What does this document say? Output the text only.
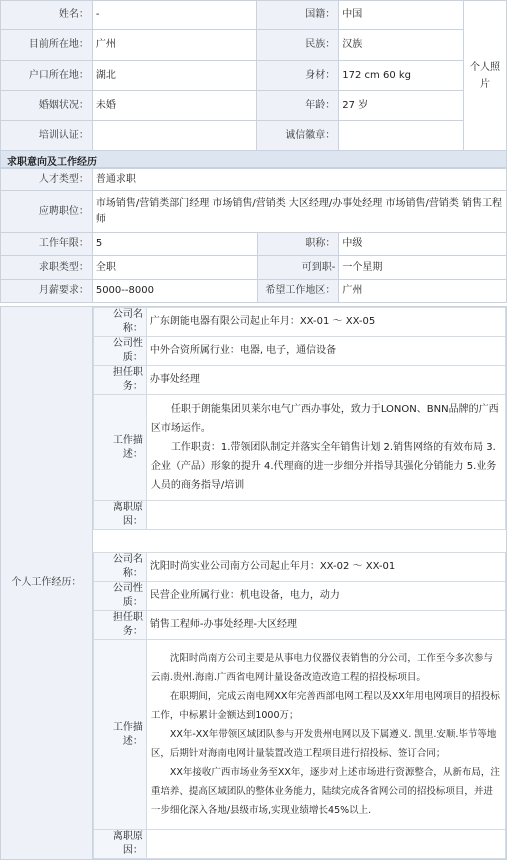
姓名：	-	国籍：	中国	个人照片
目前所在地：	广州	民族：	汉族	
户口所在地：	湖北	身材：	172 cm 60 kg	
婚姻状况：	未婚	年龄：	27 岁	
培训认证：		诚信徽章：		
求职意向及工作经历
人才类型：	普通求职		
应聘职位：	市场销售/营销类部门经理 市场销售/营销类 大区经理/办事处经理 市场销售/营销类 销售工程师		
工作年限：	5	职称：	中级
求职类型：	全职	可到职-	一个星期
月薪要求：	5000--8000	希望工作地区：	广州
个人工作经历：	
公司名称：	广东朗能电器有限公司起止年月：XX-01 ～ XX-05
公司性质：	中外合资所属行业：电器, 电子，通信设备
担任职务：	办事处经理
工作描述：	

任职于朗能集团贝莱尔电气广西办事处，致力于LONON、BNN品牌的广西区市场运作。

工作职责：1.带领团队制定并落实全年销售计划 2.销售网络的有效布局 3.企业（产品）形象的提升 4.代理商的进一步细分并指导其强化分销能力 5.业务人员的商务指导/培训

离职原因：	
公司名称：	沈阳时尚实业公司南方公司起止年月：XX-02 ～ XX-01
公司性质：	民营企业所属行业：机电设备，电力，动力
担任职务：	销售工程师-办事处经理-大区经理
工作描述：	

沈阳时尚南方公司主要是从事电力仪器仪表销售的分公司，工作至今多次参与云南.贵州.海南.广西省电网计量设备改造改造工程的招投标项目。

在职期间，完成云南电网XX年完善西部电网工程以及XX年用电网项目的招投标工作，中标累计金额达到1000万；

XX年-XX年带领区域团队参与开发贵州电网以及下属遵义. 凯里.安顺.毕节等地区，后期针对海南电网计量装置改造工程项目进行招投标、签订合同；

XX年接收广西市场业务至XX年，逐步对上述市场进行资源整合，从新布局，注重培养、提高区域团队的整体业务能力，陆续完成各省网公司的招投标项目，并进一步细化深入各地/县级市场,实现业绩增长45%以上.

离职原因：	
